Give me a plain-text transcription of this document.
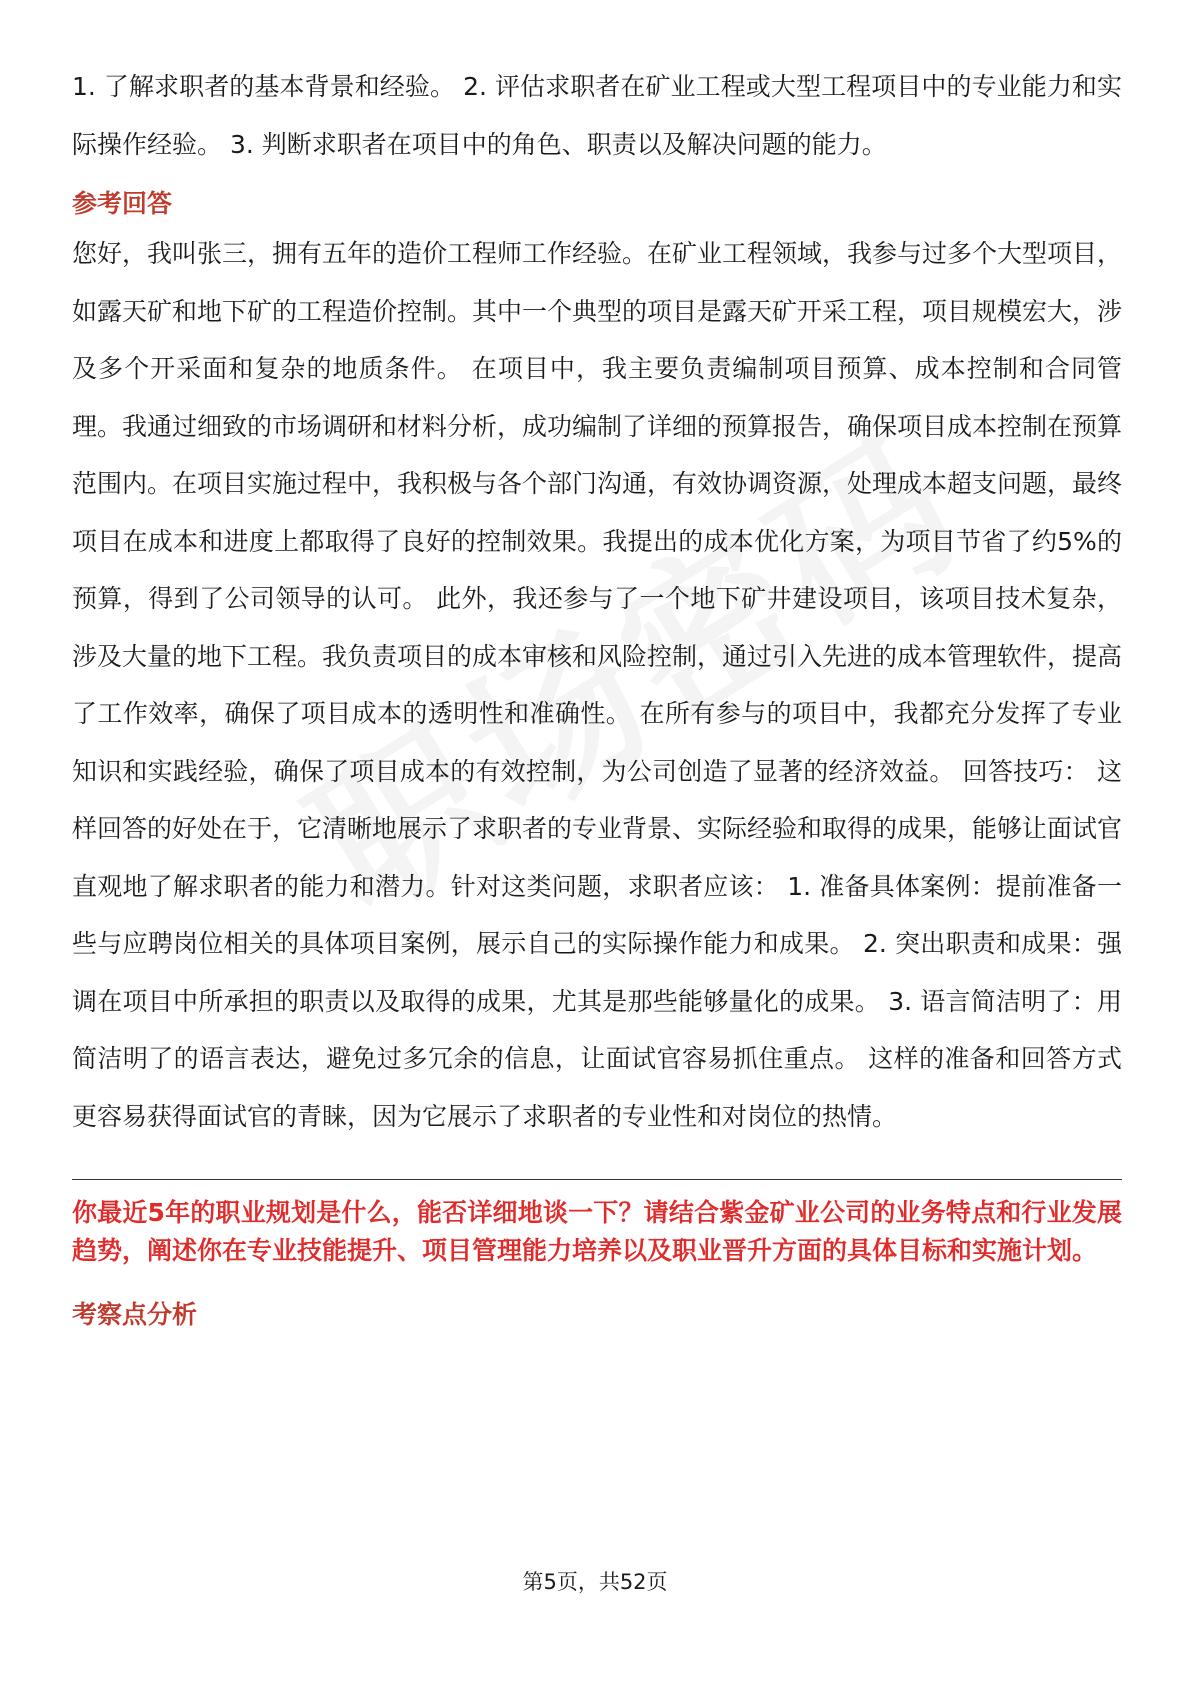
1. 了解求职者的基本背景和经验。 2. 评估求职者在矿业工程或大型工程项目中的专业能力和实际操作经验。 3. 判断求职者在项目中的角色、职责以及解决问题的能力。

参考回答

您好，我叫张三，拥有五年的造价工程师工作经验。在矿业工程领域，我参与过多个大型项目，如露天矿和地下矿的工程造价控制。其中一个典型的项目是露天矿开采工程，项目规模宏大，涉及多个开采面和复杂的地质条件。 在项目中，我主要负责编制项目预算、成本控制和合同管理。我通过细致的市场调研和材料分析，成功编制了详细的预算报告，确保项目成本控制在预算范围内。在项目实施过程中，我积极与各个部门沟通，有效协调资源，处理成本超支问题，最终项目在成本和进度上都取得了良好的控制效果。我提出的成本优化方案，为项目节省了约5%的预算，得到了公司领导的认可。 此外，我还参与了一个地下矿井建设项目，该项目技术复杂，涉及大量的地下工程。我负责项目的成本审核和风险控制，通过引入先进的成本管理软件，提高了工作效率，确保了项目成本的透明性和准确性。 在所有参与的项目中，我都充分发挥了专业知识和实践经验，确保了项目成本的有效控制，为公司创造了显著的经济效益。 回答技巧： 这样回答的好处在于，它清晰地展示了求职者的专业背景、实际经验和取得的成果，能够让面试官直观地了解求职者的能力和潜力。针对这类问题，求职者应该： 1. 准备具体案例：提前准备一些与应聘岗位相关的具体项目案例，展示自己的实际操作能力和成果。 2. 突出职责和成果：强调在项目中所承担的职责以及取得的成果，尤其是那些能够量化的成果。 3. 语言简洁明了：用简洁明了的语言表达，避免过多冗余的信息，让面试官容易抓住重点。 这样的准备和回答方式更容易获得面试官的青睐，因为它展示了求职者的专业性和对岗位的热情。

你最近5年的职业规划是什么，能否详细地谈一下？请结合紫金矿业公司的业务特点和行业发展趋势，阐述你在专业技能提升、项目管理能力培养以及职业晋升方面的具体目标和实施计划。

考察点分析
第5页，共52页
